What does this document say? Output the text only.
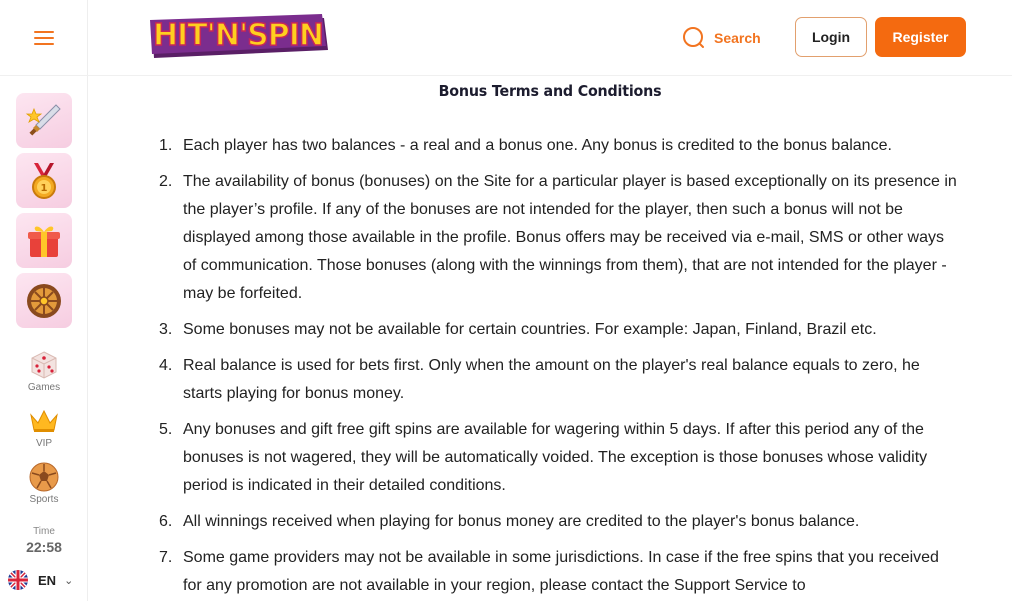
1
Games
VIP
Sports
Time
22:58
EN ⌄
HIT'N'SPIN	Search	Login	Register
Bonus Terms and Conditions
1. Each player has two balances - a real and a bonus one. Any bonus is credited to the bonus balance.
2. The availability of bonus (bonuses) on the Site for a particular player is based exceptionally on its presence in the player’s profile. If any of the bonuses are not intended for the player, then such a bonus will not be displayed among those available in the profile. Bonus offers may be received via e-mail, SMS or other ways of communication. Those bonuses (along with the winnings from them), that are not intended for the player - may be forfeited.
3. Some bonuses may not be available for certain countries. For example: Japan, Finland, Brazil etc.
4. Real balance is used for bets first. Only when the amount on the player's real balance equals to zero, he starts playing for bonus money.
5. Any bonuses and gift free gift spins are available for wagering within 5 days. If after this period any of the bonuses is not wagered, they will be automatically voided. The exception is those bonuses whose validity period is indicated in their detailed conditions.
6. All winnings received when playing for bonus money are credited to the player's bonus balance.
7. Some game providers may not be available in some jurisdictions. In case if the free spins that you received for any promotion are not available in your region, please contact the Support Service to
